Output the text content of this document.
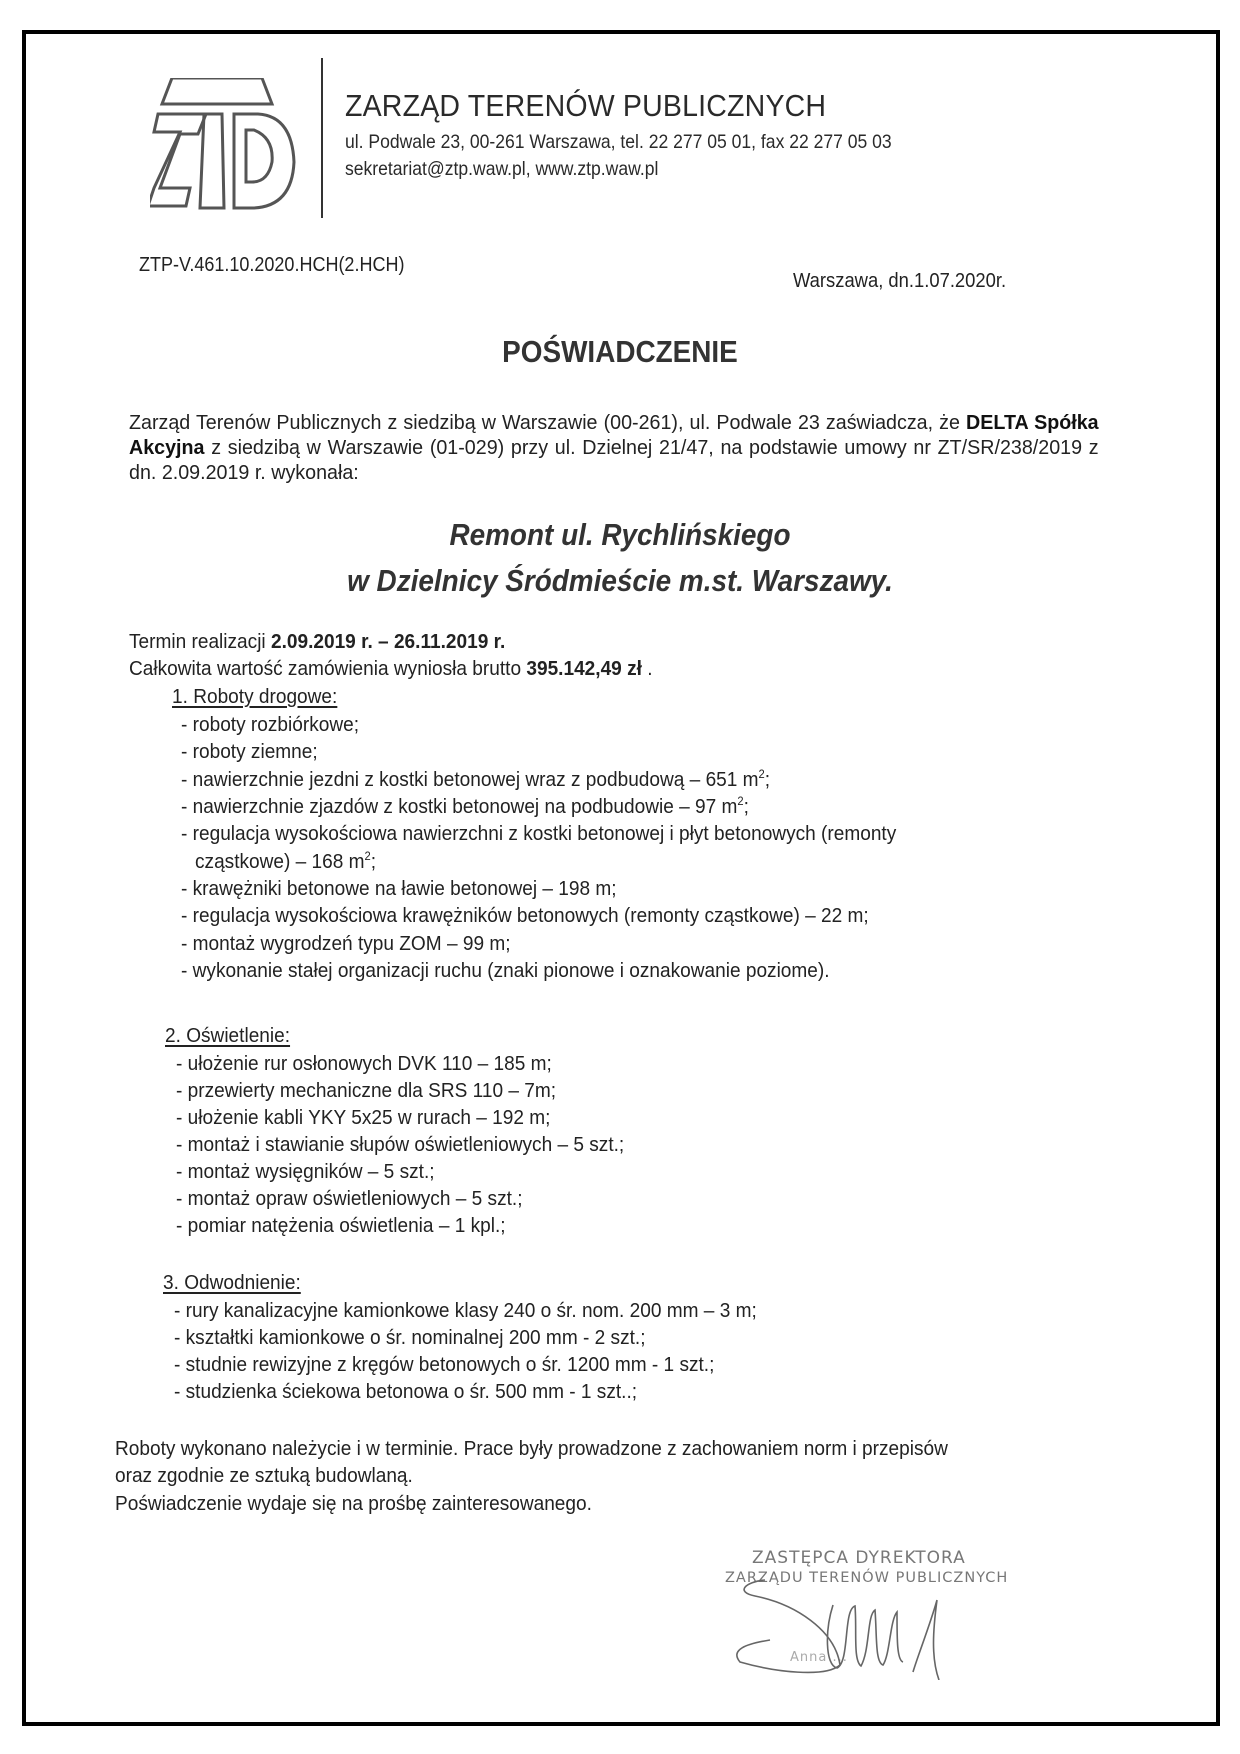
ZARZĄD TERENÓW PUBLICZNYCH
ul. Podwale 23, 00-261 Warszawa, tel. 22 277 05 01, fax 22 277 05 03
sekretariat@ztp.waw.pl, www.ztp.waw.pl
ZTP-V.461.10.2020.HCH(2.HCH)
Warszawa, dn.1.07.2020r.
POŚWIADCZENIE
Zarząd Terenów Publicznych z siedzibą w Warszawie (00-261), ul. Podwale 23 zaświadcza, że DELTA Spółka Akcyjna z siedzibą w Warszawie (01-029) przy ul. Dzielnej 21/47, na podstawie umowy nr ZT/SR/238/2019 z dn. 2.09.2019 r. wykonała:
Remont ul. Rychlińskiego
w Dzielnicy Śródmieście m.st. Warszawy.
Termin realizacji 2.09.2019 r. – 26.11.2019 r.
Całkowita wartość zamówienia wyniosła brutto 395.142,49 zł .
1. Roboty drogowe:
- roboty rozbiórkowe;
- roboty ziemne;
- nawierzchnie jezdni z kostki betonowej wraz z podbudową – 651 $m^2$;
- nawierzchnie zjazdów z kostki betonowej na podbudowie – 97 $m^2$;
- regulacja wysokościowa nawierzchni z kostki betonowej i płyt betonowych (remonty
cząstkowe) – 168 $m^2$;
- krawężniki betonowe na ławie betonowej – 198 m;
- regulacja wysokościowa krawężników betonowych (remonty cząstkowe) – 22 m;
- montaż wygrodzeń typu ZOM – 99 m;
- wykonanie stałej organizacji ruchu (znaki pionowe i oznakowanie poziome).
2. Oświetlenie:
- ułożenie rur osłonowych DVK 110 – 185 m;
- przewierty mechaniczne dla SRS 110 – 7m;
- ułożenie kabli YKY 5x25 w rurach – 192 m;
- montaż i stawianie słupów oświetleniowych – 5 szt.;
- montaż wysięgników – 5 szt.;
- montaż opraw oświetleniowych – 5 szt.;
- pomiar natężenia oświetlenia – 1 kpl.;
3. Odwodnienie:
- rury kanalizacyjne kamionkowe klasy 240 o śr. nom. 200 mm – 3 m;
- kształtki kamionkowe o śr. nominalnej 200 mm - 2 szt.;
- studnie rewizyjne z kręgów betonowych o śr. 1200 mm - 1 szt.;
- studzienka ściekowa betonowa o śr. 500 mm - 1 szt..;
Roboty wykonano należycie i w terminie. Prace były prowadzone z zachowaniem norm i przepisów
oraz zgodnie ze sztuką budowlaną.
Poświadczenie wydaje się na prośbę zainteresowanego.
ZASTĘPCA DYREKTORA
ZARZĄDU TERENÓW PUBLICZNYCH
Anna ...
